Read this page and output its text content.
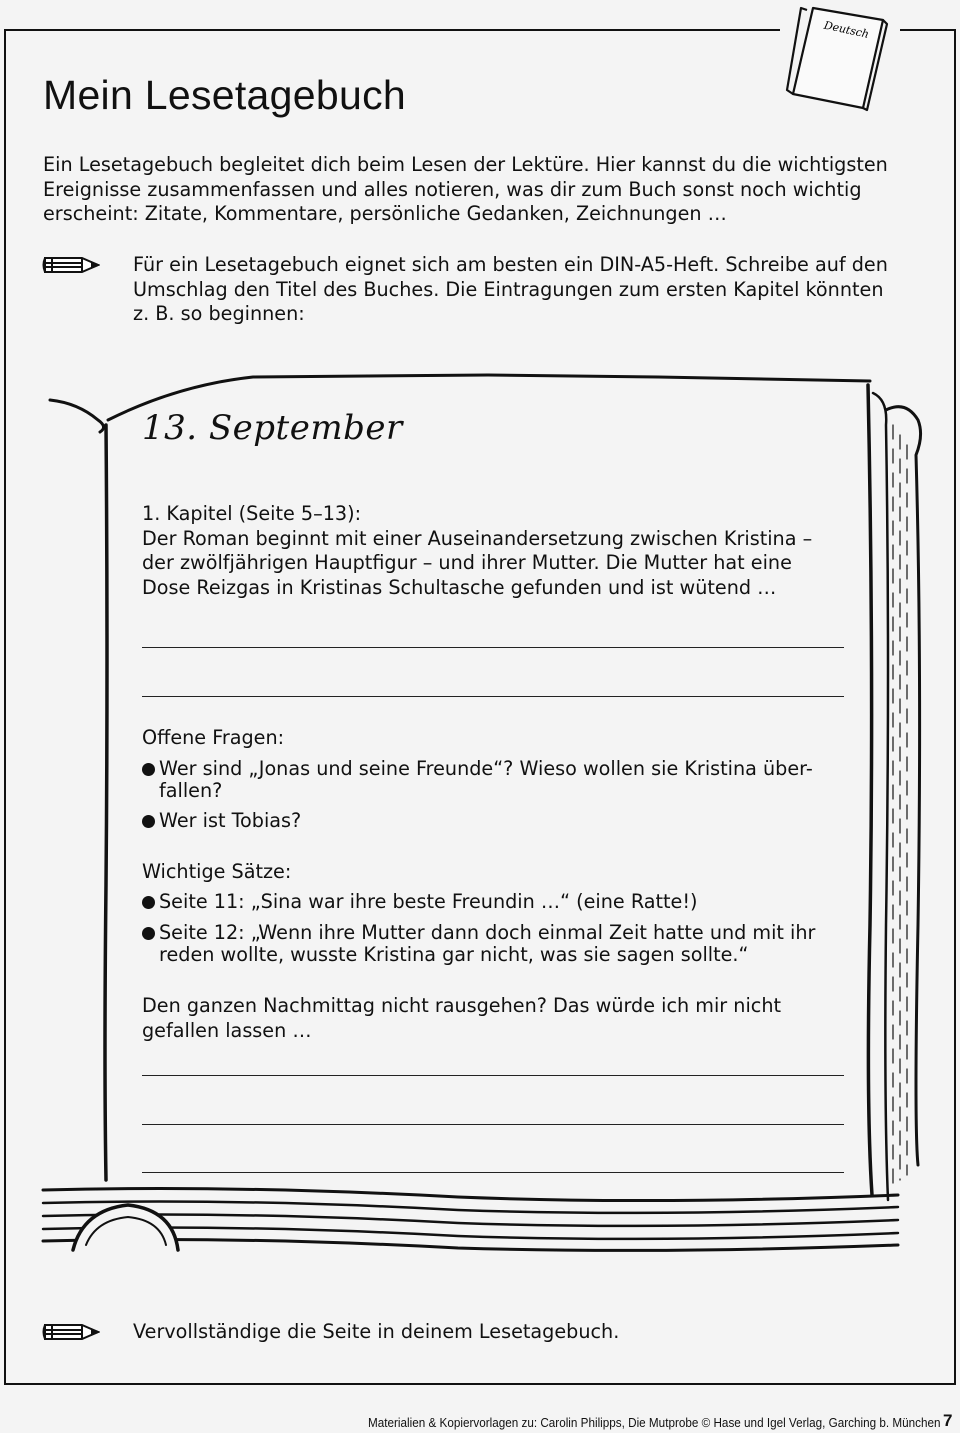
Deutsch
Mein Lesetagebuch

Ein Lesetagebuch begleitet dich beim Lesen der Lektüre. Hier kannst du die wichtigsten
Ereignisse zusammenfassen und alles notieren, was dir zum Buch sonst noch wichtig
erscheint: Zitate, Kommentare, persönliche Gedanken, Zeichnungen …

Für ein Lesetagebuch eignet sich am besten ein DIN-A5-Heft. Schreibe auf den
Umschlag den Titel des Buches. Die Eintragungen zum ersten Kapitel könnten
z. B. so beginnen:

13. September

1. Kapitel (Seite 5–13):
Der Roman beginnt mit einer Auseinandersetzung zwischen Kristina –
der zwölfjährigen Hauptfigur – und ihrer Mutter. Die Mutter hat eine
Dose Reizgas in Kristinas Schultasche gefunden und ist wütend …

Offene Fragen:

Wer sind „Jonas und seine Freunde“? Wieso wollen sie Kristina über-
fallen?
Wer ist Tobias?

Wichtige Sätze:

Seite 11: „Sina war ihre beste Freundin …“ (eine Ratte!)
Seite 12: „Wenn ihre Mutter dann doch einmal Zeit hatte und mit ihr
reden wollte, wusste Kristina gar nicht, was sie sagen sollte.“

Den ganzen Nachmittag nicht rausgehen? Das würde ich mir nicht
gefallen lassen …

Vervollständige die Seite in deinem Lesetagebuch.

Materialien & Kopiervorlagen zu: Carolin Philipps, Die Mutprobe © Hase und Igel Verlag, Garching b. München 7
